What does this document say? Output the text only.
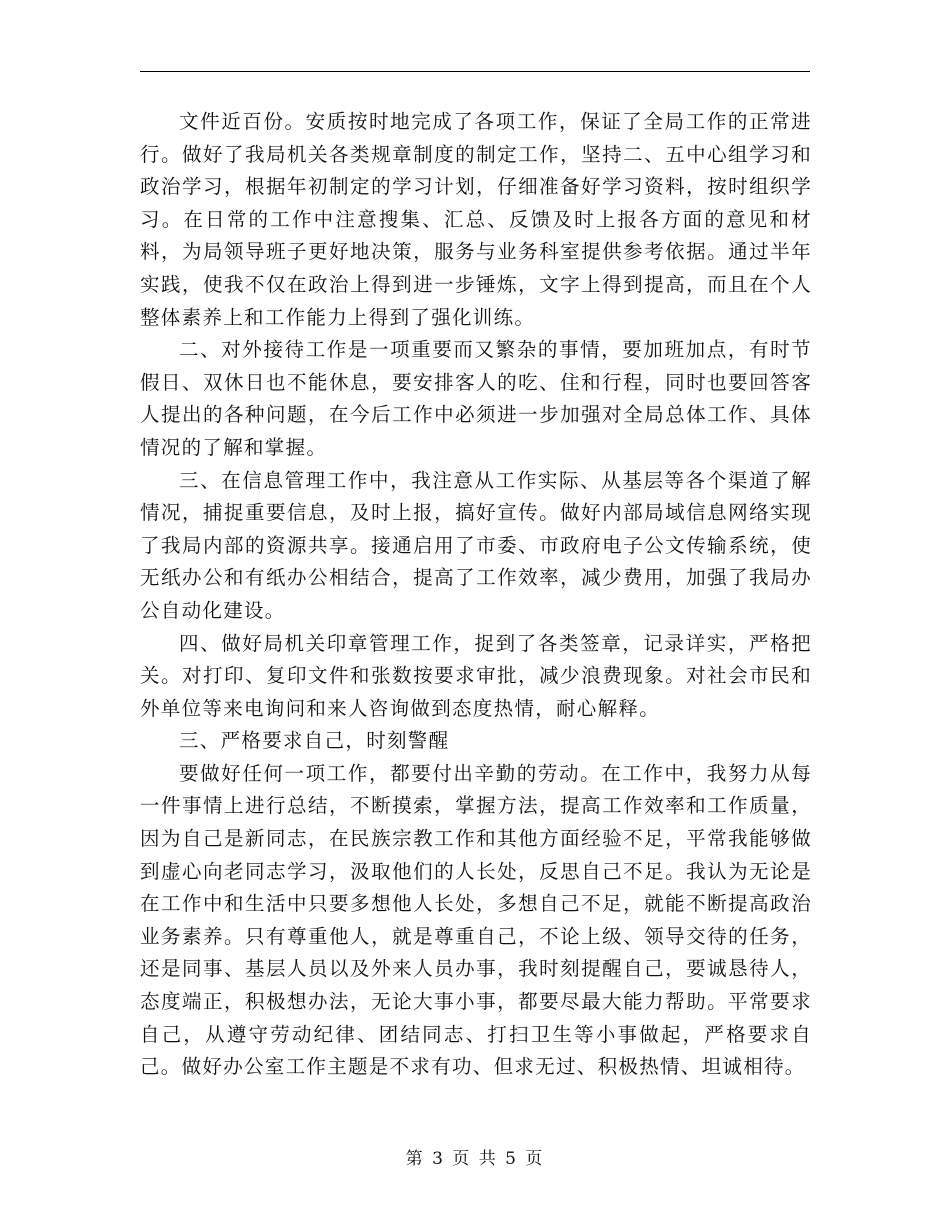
文件近百份。安质按时地完成了各项工作，保证了全局工作的正常进行。做好了我局机关各类规章制度的制定工作，坚持二、五中心组学习和政治学习，根据年初制定的学习计划，仔细准备好学习资料，按时组织学习。在日常的工作中注意搜集、汇总、反馈及时上报各方面的意见和材料，为局领导班子更好地决策，服务与业务科室提供参考依据。通过半年实践，使我不仅在政治上得到进一步锤炼，文字上得到提高，而且在个人整体素养上和工作能力上得到了强化训练。

二、对外接待工作是一项重要而又繁杂的事情，要加班加点，有时节假日、双休日也不能休息，要安排客人的吃、住和行程，同时也要回答客人提出的各种问题，在今后工作中必须进一步加强对全局总体工作、具体情况的了解和掌握。

三、在信息管理工作中，我注意从工作实际、从基层等各个渠道了解情况，捕捉重要信息，及时上报，搞好宣传。做好内部局域信息网络实现了我局内部的资源共享。接通启用了市委、市政府电子公文传输系统，使无纸办公和有纸办公相结合，提高了工作效率，减少费用，加强了我局办公自动化建设。

四、做好局机关印章管理工作，捉到了各类签章，记录详实，严格把关。对打印、复印文件和张数按要求审批，减少浪费现象。对社会市民和外单位等来电询问和来人咨询做到态度热情，耐心解释。

三、严格要求自己，时刻警醒

要做好任何一项工作，都要付出辛勤的劳动。在工作中，我努力从每一件事情上进行总结，不断摸索，掌握方法，提高工作效率和工作质量，因为自己是新同志，在民族宗教工作和其他方面经验不足，平常我能够做到虚心向老同志学习，汲取他们的人长处，反思自己不足。我认为无论是在工作中和生活中只要多想他人长处，多想自己不足，就能不断提高政治业务素养。只有尊重他人，就是尊重自己，不论上级、领导交待的任务，还是同事、基层人员以及外来人员办事，我时刻提醒自己，要诚恳待人，态度端正，积极想办法，无论大事小事，都要尽最大能力帮助。平常要求自己，从遵守劳动纪律、团结同志、打扫卫生等小事做起，严格要求自己。做好办公室工作主题是不求有功、但求无过、积极热情、坦诚相待。

第 3 页 共 5 页
